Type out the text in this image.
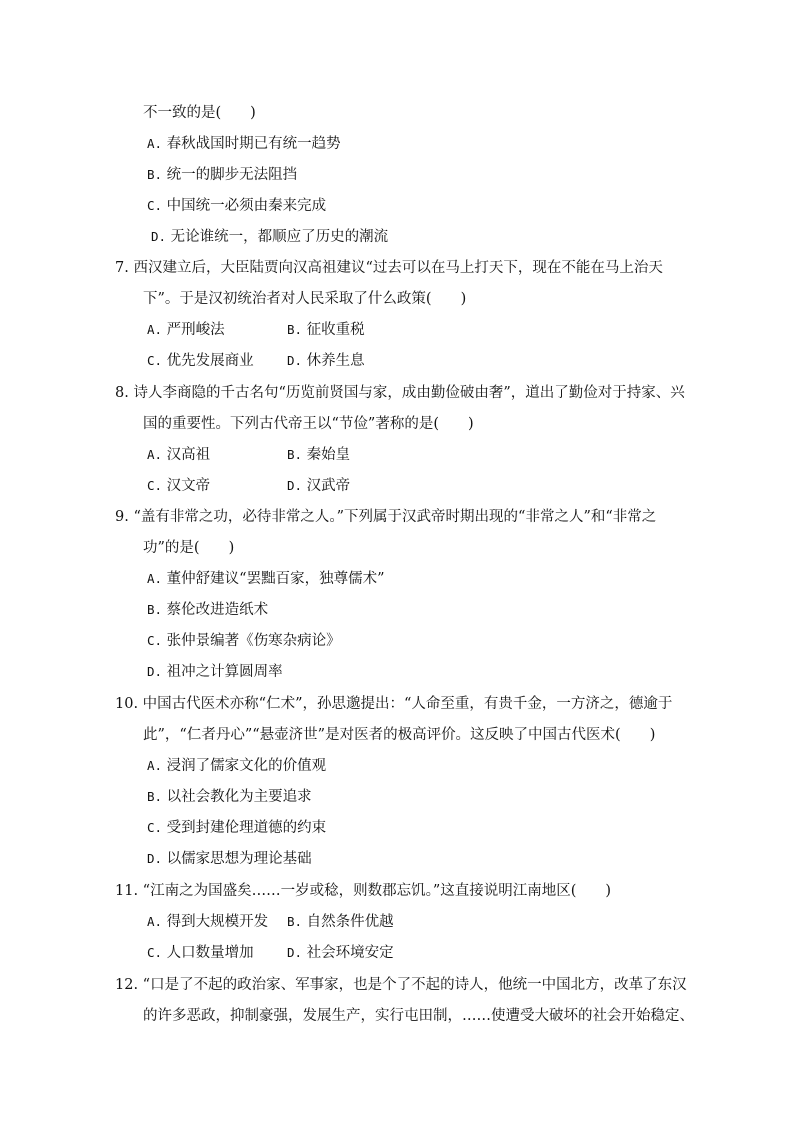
不一致的是(　　)
A. 春秋战国时期已有统一趋势
B. 统一的脚步无法阻挡
C. 中国统一必须由秦来完成
D. 无论谁统一，都顺应了历史的潮流
7. 西汉建立后，大臣陆贾向汉高祖建议“过去可以在马上打天下，现在不能在马上治天
下”。于是汉初统治者对人民采取了什么政策(　　)
A. 严刑峻法	B. 征收重税
C. 优先发展商业	D. 休养生息
8. 诗人李商隐的千古名句“历览前贤国与家，成由勤俭破由奢”，道出了勤俭对于持家、兴
国的重要性。下列古代帝王以“节俭”著称的是(　　)
A. 汉高祖	B. 秦始皇
C. 汉文帝	D. 汉武帝
9. “盖有非常之功，必待非常之人。”下列属于汉武帝时期出现的“非常之人”和“非常之
功”的是(　　)
A. 董仲舒建议“罢黜百家，独尊儒术”
B. 蔡伦改进造纸术
C. 张仲景编著《伤寒杂病论》
D. 祖冲之计算圆周率
10. 中国古代医术亦称“仁术”，孙思邈提出：“人命至重，有贵千金，一方济之，德逾于
此”，“仁者丹心”“悬壶济世”是对医者的极高评价。这反映了中国古代医术(　　)
A. 浸润了儒家文化的价值观
B. 以社会教化为主要追求
C. 受到封建伦理道德的约束
D. 以儒家思想为理论基础
11. “江南之为国盛矣……一岁或稔，则数郡忘饥。”这直接说明江南地区(　　)
A. 得到大规模开发 B. 自然条件优越
C. 人口数量增加	D. 社会环境安定
12. “口是了不起的政治家、军事家，也是个了不起的诗人，他统一中国北方，改革了东汉
的许多恶政，抑制豪强，发展生产，实行屯田制，……使遭受大破坏的社会开始稳定、
